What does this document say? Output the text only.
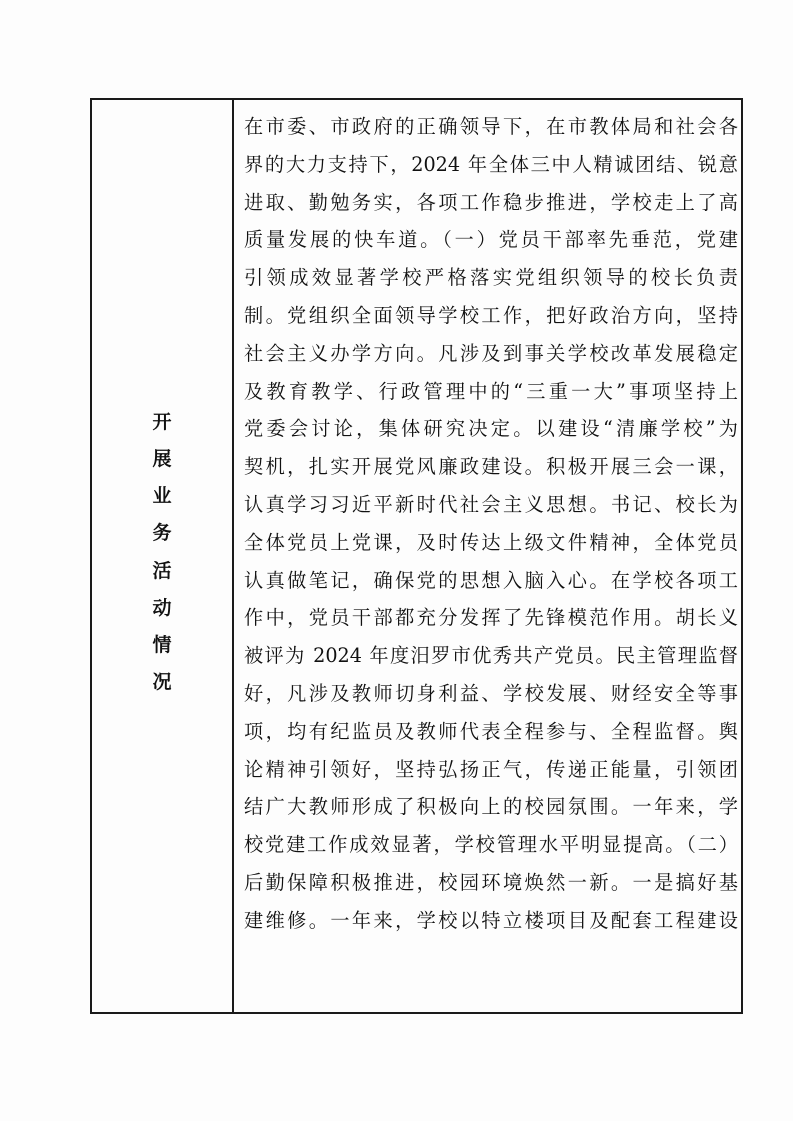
开
展
业
务
活
动
情
况
在市委、市政府的正确领导下，在市教体局和社会各
界的大力支持下，2024 年全体三中人精诚团结、锐意
进取、勤勉务实，各项工作稳步推进，学校走上了高
质量发展的快车道。（一）党员干部率先垂范，党建
引领成效显著学校严格落实党组织领导的校长负责
制。党组织全面领导学校工作，把好政治方向，坚持
社会主义办学方向。凡涉及到事关学校改革发展稳定
及教育教学、行政管理中的“三重一大”事项坚持上
党委会讨论，集体研究决定。以建设“清廉学校”为
契机，扎实开展党风廉政建设。积极开展三会一课，
认真学习习近平新时代社会主义思想。书记、校长为
全体党员上党课，及时传达上级文件精神，全体党员
认真做笔记，确保党的思想入脑入心。在学校各项工
作中，党员干部都充分发挥了先锋模范作用。胡长义
被评为 2024 年度汨罗市优秀共产党员。民主管理监督
好，凡涉及教师切身利益、学校发展、财经安全等事
项，均有纪监员及教师代表全程参与、全程监督。舆
论精神引领好，坚持弘扬正气，传递正能量，引领团
结广大教师形成了积极向上的校园氛围。一年来，学
校党建工作成效显著，学校管理水平明显提高。（二）
后勤保障积极推进，校园环境焕然一新。一是搞好基
建维修。一年来，学校以特立楼项目及配套工程建设
